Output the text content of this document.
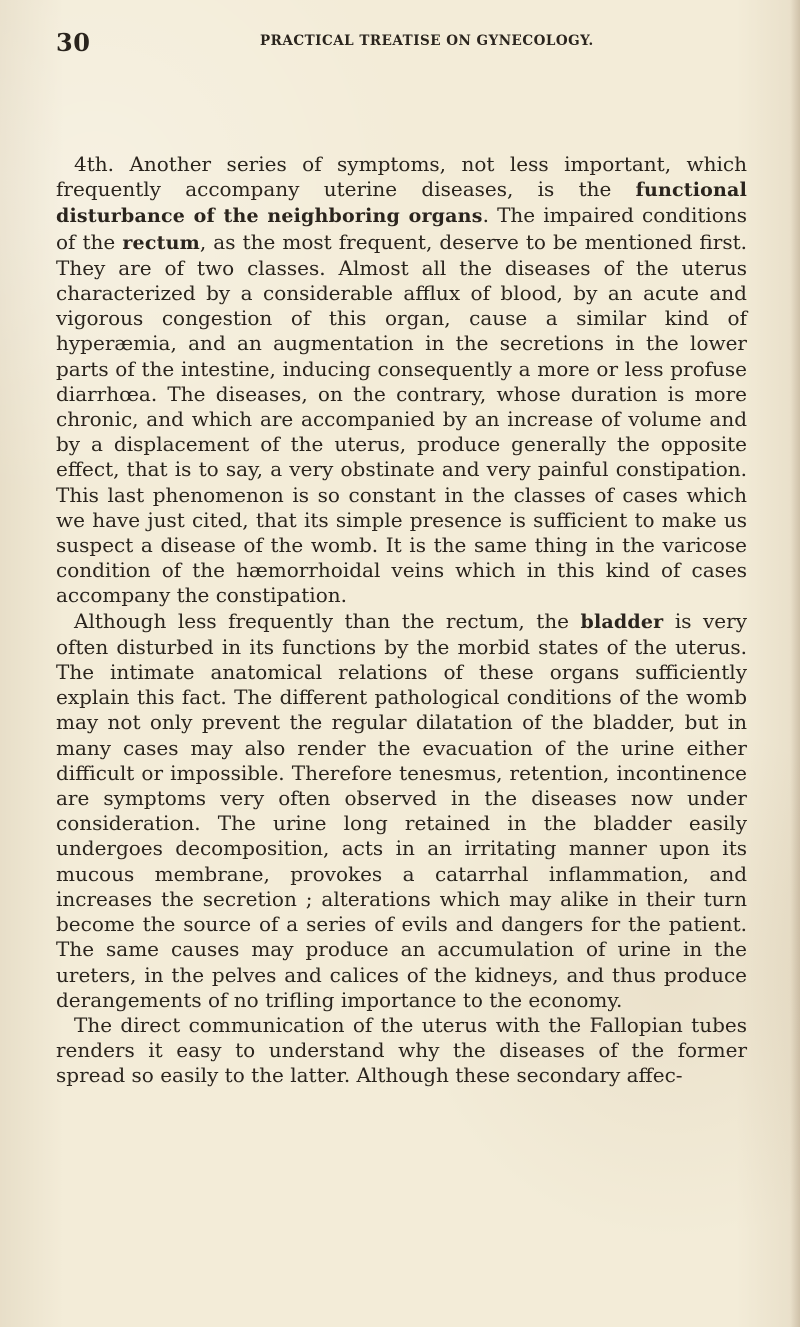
30	PRACTICAL TREATISE ON GYNECOLOGY.

4th. Another series of symptoms, not less important, which frequently accompany uterine diseases, is the functional disturbance of the neighboring organs. The impaired conditions of the rectum, as the most frequent, deserve to be mentioned first. They are of two classes. Almost all the diseases of the uterus characterized by a considerable afflux of blood, by an acute and vigorous congestion of this organ, cause a similar kind of hyperæmia, and an augmentation in the secretions in the lower parts of the intestine, inducing consequently a more or less profuse diarrhœa. The diseases, on the contrary, whose duration is more chronic, and which are accompanied by an increase of volume and by a displacement of the uterus, produce generally the opposite effect, that is to say, a very obstinate and very painful constipation. This last phenomenon is so constant in the classes of cases which we have just cited, that its simple presence is sufficient to make us suspect a disease of the womb. It is the same thing in the varicose condition of the hæmorrhoidal veins which in this kind of cases accompany the constipation.

Although less frequently than the rectum, the bladder is very often disturbed in its functions by the morbid states of the uterus. The intimate anatomical relations of these organs sufficiently explain this fact. The different pathological conditions of the womb may not only prevent the regular dilatation of the bladder, but in many cases may also render the evacuation of the urine either difficult or impossible. Therefore tenesmus, retention, incontinence are symptoms very often observed in the diseases now under consideration. The urine long retained in the bladder easily undergoes decomposition, acts in an irritating manner upon its mucous membrane, provokes a catarrhal inflammation, and increases the secretion ; alterations which may alike in their turn become the source of a series of evils and dangers for the patient. The same causes may produce an accumulation of urine in the ureters, in the pelves and calices of the kidneys, and thus produce derangements of no trifling importance to the economy.

The direct communication of the uterus with the Fallopian tubes renders it easy to understand why the diseases of the former spread so easily to the latter. Although these secondary affec-
